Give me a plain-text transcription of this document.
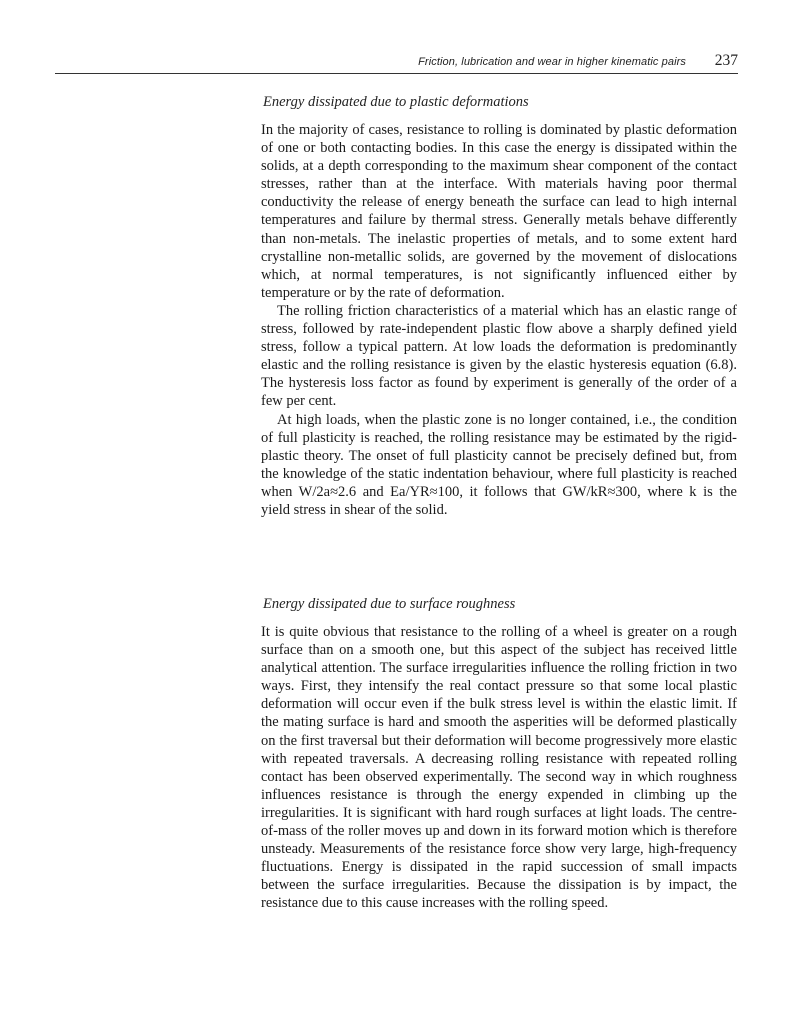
Friction, lubrication and wear in higher kinematic pairs 237
Energy dissipated due to plastic deformations

In the majority of cases, resistance to rolling is dominated by plastic deformation of one or both contacting bodies. In this case the energy is dissipated within the solids, at a depth corresponding to the maximum shear component of the contact stresses, rather than at the interface. With materials having poor thermal conductivity the release of energy beneath the surface can lead to high internal temperatures and failure by thermal stress. Generally metals behave differently than non-metals. The inelastic properties of metals, and to some extent hard crystalline non-metallic solids, are governed by the movement of dislocations which, at normal temperatures, is not significantly influenced either by temperature or by the rate of deformation.

The rolling friction characteristics of a material which has an elastic range of stress, followed by rate-independent plastic flow above a sharply defined yield stress, follow a typical pattern. At low loads the deformation is predominantly elastic and the rolling resistance is given by the elastic hysteresis equation (6.8). The hysteresis loss factor as found by experiment is generally of the order of a few per cent.

At high loads, when the plastic zone is no longer contained, i.e., the condition of full plasticity is reached, the rolling resistance may be estimated by the rigid-plastic theory. The onset of full plasticity cannot be precisely defined but, from the knowledge of the static indentation behaviour, where full plasticity is reached when W/2a≈2.6 and Ea/YR≈100, it follows that GW/kR≈300, where k is the yield stress in shear of the solid.

Energy dissipated due to surface roughness

It is quite obvious that resistance to the rolling of a wheel is greater on a rough surface than on a smooth one, but this aspect of the subject has received little analytical attention. The surface irregularities influence the rolling friction in two ways. First, they intensify the real contact pressure so that some local plastic deformation will occur even if the bulk stress level is within the elastic limit. If the mating surface is hard and smooth the asperities will be deformed plastically on the first traversal but their deformation will become progressively more elastic with repeated traversals. A decreasing rolling resistance with repeated rolling contact has been observed experimentally. The second way in which roughness influences resistance is through the energy expended in climbing up the irregularities. It is significant with hard rough surfaces at light loads. The centre-of-mass of the roller moves up and down in its forward motion which is therefore unsteady. Measurements of the resistance force show very large, high-frequency fluctuations. Energy is dissipated in the rapid succession of small impacts between the surface irregularities. Because the dissipation is by impact, the resistance due to this cause increases with the rolling speed.
